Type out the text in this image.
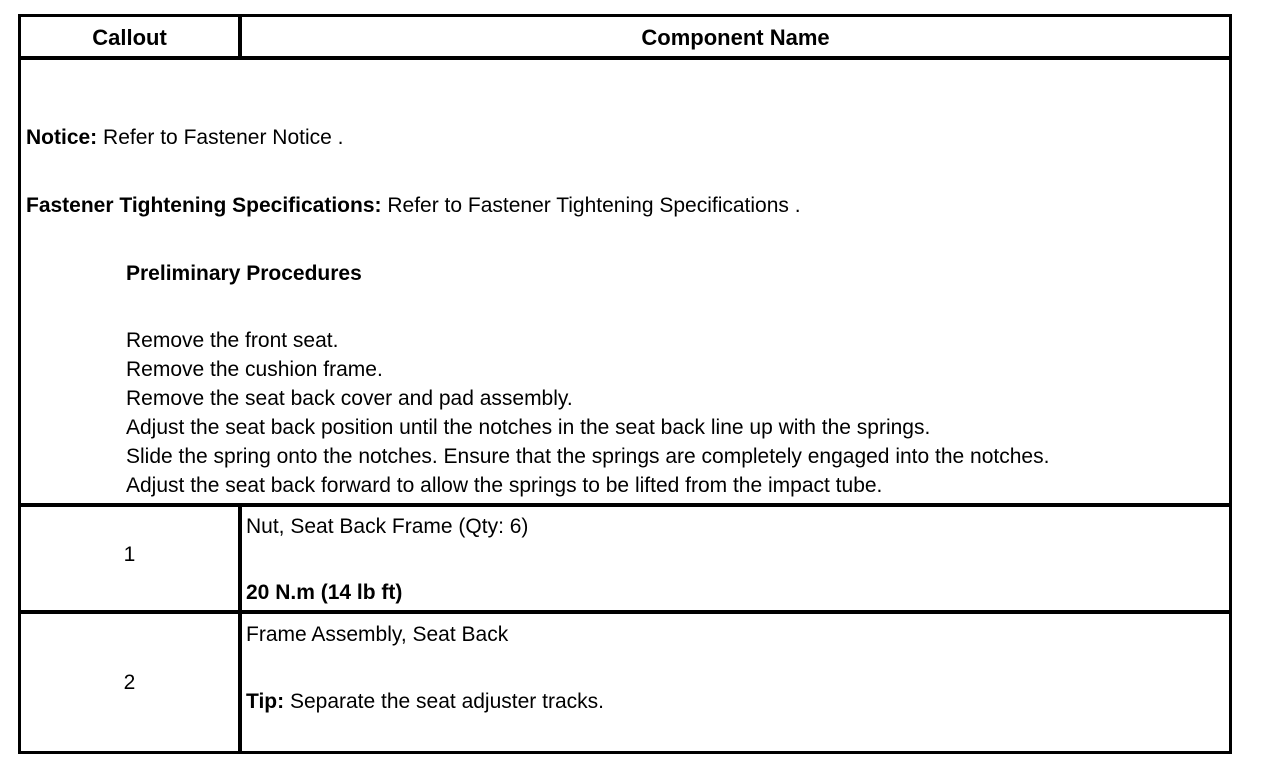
Callout	Component Name
Notice: Refer to Fastener Notice .
Fastener Tightening Specifications: Refer to Fastener Tightening Specifications .
Preliminary Procedures
Remove the front seat.
Remove the cushion frame.
Remove the seat back cover and pad assembly.
Adjust the seat back position until the notches in the seat back line up with the springs.
Slide the spring onto the notches. Ensure that the springs are completely engaged into the notches.
Adjust the seat back forward to allow the springs to be lifted from the impact tube.
1
Nut, Seat Back Frame (Qty: 6)
20 N.m (14 lb ft)
2
Frame Assembly, Seat Back
Tip: Separate the seat adjuster tracks.
